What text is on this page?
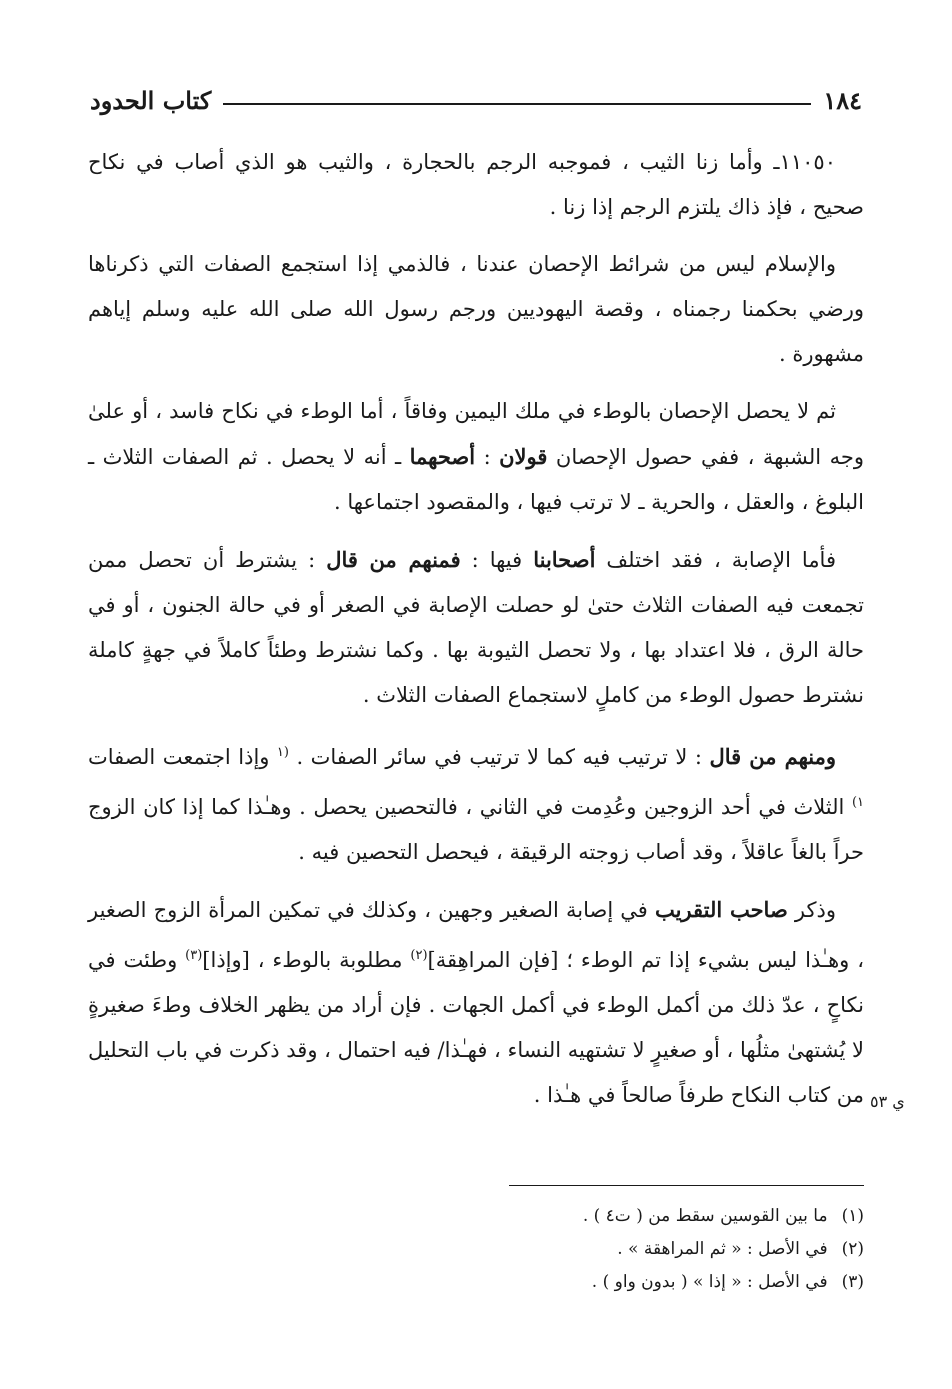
١٨٤
كتاب الحدود

١١٠٥٠ـ وأما زنا الثيب ، فموجبه الرجم بالحجارة ، والثيب هو الذي أصاب في نكاح صحيح ، فإذ ذاك يلتزم الرجم إذا زنا .

والإسلام ليس من شرائط الإحصان عندنا ، فالذمي إذا استجمع الصفات التي ذكرناها ورضي بحكمنا رجمناه ، وقصة اليهوديين ورجم رسول الله صلى الله عليه وسلم إياهم مشهورة .

ثم لا يحصل الإحصان بالوطء في ملك اليمين وفاقاً ، أما الوطء في نكاح فاسد ، أو علىٰ وجه الشبهة ، ففي حصول الإحصان قولان : أصحهما ـ أنه لا يحصل . ثم الصفات الثلاث ـ البلوغ ، والعقل ، والحرية ـ لا ترتب فيها ، والمقصود اجتماعها .

فأما الإصابة ، فقد اختلف أصحابنا فيها : فمنهم من قال : يشترط أن تحصل ممن تجمعت فيه الصفات الثلاث حتىٰ لو حصلت الإصابة في الصغر أو في حالة الجنون ، أو في حالة الرق ، فلا اعتداد بها ، ولا تحصل الثيوبة بها . وكما نشترط وطئاً كاملاً في جهةٍ كاملة نشترط حصول الوطء من كاملٍ لاستجماع الصفات الثلاث .

ومنهم من قال : لا ترتيب فيه كما لا ترتيب في سائر الصفات . $^{(١}$ وإذا اجتمعت الصفات $^{١)}$ الثلاث في أحد الزوجين وعُدِمت في الثاني ، فالتحصين يحصل . وهـٰذا كما إذا كان الزوج حراً بالغاً عاقلاً ، وقد أصاب زوجته الرقيقة ، فيحصل التحصين فيه .

وذكر صاحب التقريب في إصابة الصغير وجهين ، وكذلك في تمكين المرأة الزوج الصغير ، وهـٰذا ليس بشيء إذا تم الوطء ؛ [فإن المراهِقة]$^{(٢)}$ مطلوبة بالوطء ، [وإذا]$^{(٣)}$ وطئت في نكاحٍ ، عدّ ذلك من أكمل الوطء في أكمل الجهات . فإن أراد من يظهر الخلاف وطءَ صغيرةٍ لا يُشتهىٰ مثلُها ، أو صغيرٍ لا تشتهيه النساء ، فهـٰذا/ فيه احتمال ، وقد ذكرت في باب التحليل من كتاب النكاح طرفاً صالحاً في هـٰذا . ي ٥٣
(١)
ما بين القوسين سقط من ( ت٤ ) .
(٢)
في الأصل : « ثم المراهقة » .
(٣)
في الأصل : « إذا » ( بدون واو ) .
